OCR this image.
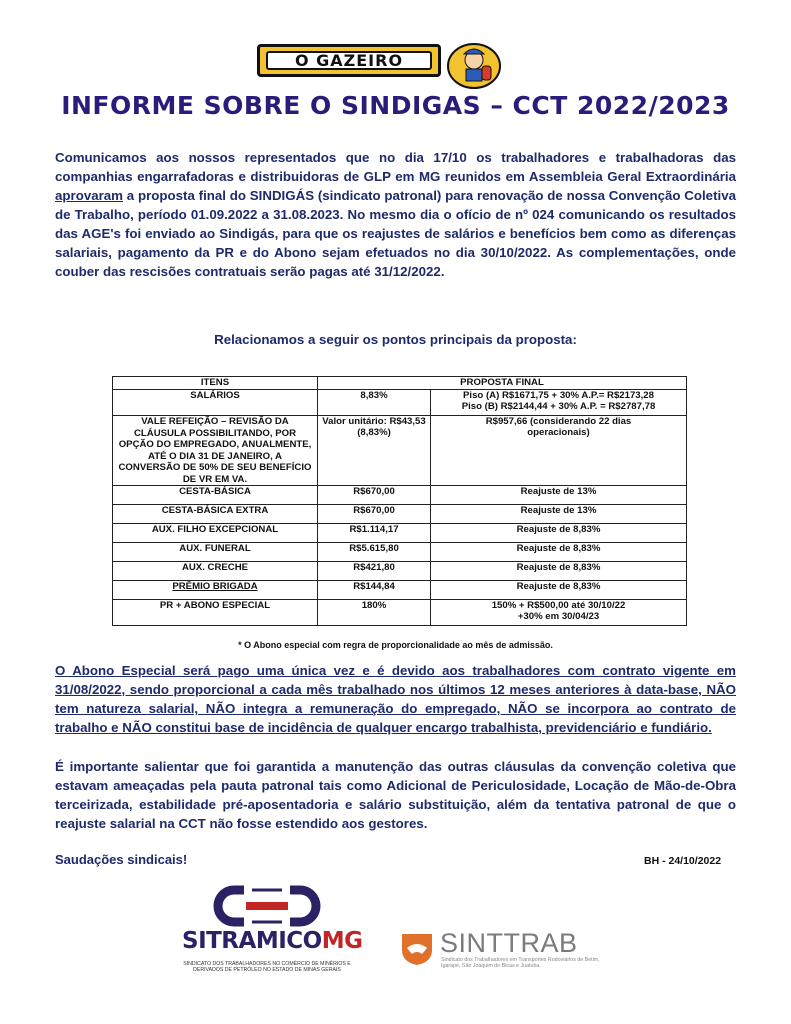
O GAZEIRO
INFORME SOBRE O SINDIGAS – CCT 2022/2023
Comunicamos aos nossos representados que no dia 17/10 os trabalhadores e trabalhadoras das companhias engarrafadoras e distribuidoras de GLP em MG reunidos em Assembleia Geral Extraordinária aprovaram a proposta final do SINDIGÁS (sindicato patronal) para renovação de nossa Convenção Coletiva de Trabalho, período 01.09.2022 a 31.08.2023. No mesmo dia o ofício de nº 024 comunicando os resultados das AGE's foi enviado ao Sindigás, para que os reajustes de salários e benefícios bem como as diferenças salariais, pagamento da PR e do Abono sejam efetuados no dia 30/10/2022. As complementações, onde couber das rescisões contratuais serão pagas até 31/12/2022.
Relacionamos a seguir os pontos principais da proposta:
ITENS	PROPOSTA FINAL	
SALÁRIOS	8,83%	Piso (A) R$1671,75 + 30% A.P.= R$2173,28
Piso (B) R$2144,44 + 30% A.P. = R$2787,78

VALE REFEIÇÃO – REVISÃO DA CLÁUSULA POSSIBILITANDO, POR OPÇÃO DO EMPREGADO, ANUALMENTE, ATÉ O DIA 31 DE JANEIRO, A CONVERSÃO DE 50% DE SEU BENEFÍCIO DE VR EM VA.	Valor unitário: R$43,53 (8,83%)	R$957,66 (considerando 22 dias operacionais)
CESTA-BÁSICA	R$670,00	Reajuste de 13%
CESTA-BÁSICA EXTRA	R$670,00	Reajuste de 13%
AUX. FILHO EXCEPCIONAL	R$1.114,17	Reajuste de 8,83%
AUX. FUNERAL	R$5.615,80	Reajuste de 8,83%
AUX. CRECHE	R$421,80	Reajuste de 8,83%
PRÊMIO BRIGADA	R$144,84	Reajuste de 8,83%
PR + ABONO ESPECIAL	180%	150% + R$500,00 até 30/10/22
+30% em 30/04/23
* O Abono especial com regra de proporcionalidade ao mês de admissão.
O Abono Especial será pago uma única vez e é devido aos trabalhadores com contrato vigente em 31/08/2022, sendo proporcional a cada mês trabalhado nos últimos 12 meses anteriores à data-base, NÃO tem natureza salarial, NÃO integra a remuneração do empregado, NÃO se incorpora ao contrato de trabalho e NÃO constitui base de incidência de qualquer encargo trabalhista, previdenciário e fundiário.
É importante salientar que foi garantida a manutenção das outras cláusulas da convenção coletiva que estavam ameaçadas pela pauta patronal tais como Adicional de Periculosidade, Locação de Mão-de-Obra terceirizada, estabilidade pré-aposentadoria e salário substituição, além da tentativa patronal de que o reajuste salarial na CCT não fosse estendido aos gestores.
Saudações sindicais!	BH - 24/10/2022
SITRAMICOMG
SINDICATO DOS TRABALHADORES NO COMÉRCIO DE MINÉRIOS E DERIVADOS DE PETRÓLEO NO ESTADO DE MINAS GERAIS
SINTTRAB
Sindicato dos Trabalhadores em Transportes Rodoviários de Betim, Igarapé, São Joaquim de Bicas e Juatuba.
